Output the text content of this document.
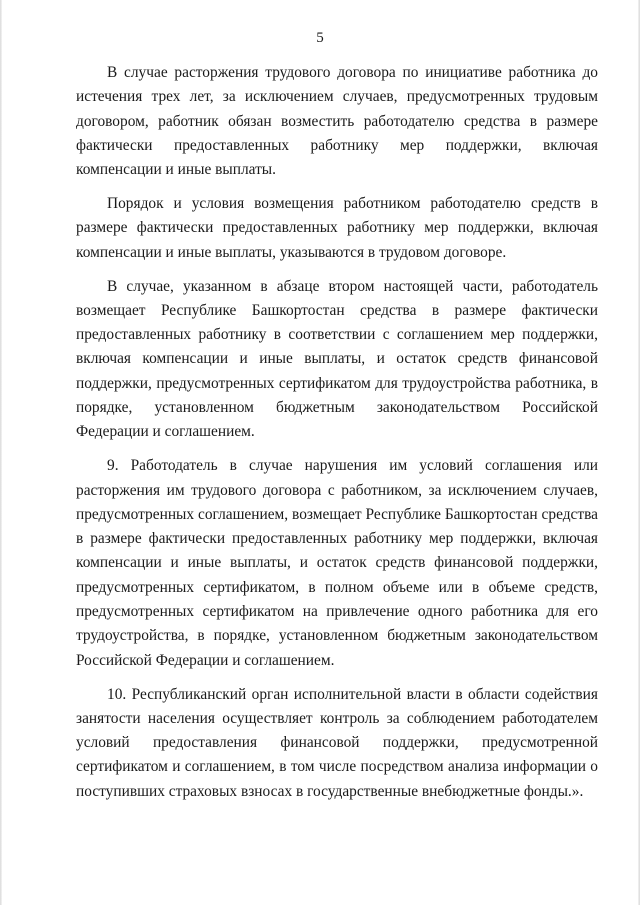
5

В случае расторжения трудового договора по инициативе работника до истечения трех лет, за исключением случаев, предусмотренных трудовым договором, работник обязан возместить работодателю средства в размере фактически предоставленных работнику мер поддержки, включая компенсации и иные выплаты.

Порядок и условия возмещения работником работодателю средств в размере фактически предоставленных работнику мер поддержки, включая компенсации и иные выплаты, указываются в трудовом договоре.

В случае, указанном в абзаце втором настоящей части, работодатель возмещает Республике Башкортостан средства в размере фактически предоставленных работнику в соответствии с соглашением мер поддержки, включая компенсации и иные выплаты, и остаток средств финансовой поддержки, предусмотренных сертификатом для трудоустройства работника, в порядке, установленном бюджетным законодательством Российской Федерации и соглашением.

9. Работодатель в случае нарушения им условий соглашения или расторжения им трудового договора с работником, за исключением случаев, предусмотренных соглашением, возмещает Республике Башкортостан средства в размере фактически предоставленных работнику мер поддержки, включая компенсации и иные выплаты, и остаток средств финансовой поддержки, предусмотренных сертификатом, в полном объеме или в объеме средств, предусмотренных сертификатом на привлечение одного работника для его трудоустройства, в порядке, установленном бюджетным законодательством Российской Федерации и соглашением.

10. Республиканский орган исполнительной власти в области содействия занятости населения осуществляет контроль за соблюдением работодателем условий предоставления финансовой поддержки, предусмотренной сертификатом и соглашением, в том числе посредством анализа информации о поступивших страховых взносах в государственные внебюджетные фонды.».
